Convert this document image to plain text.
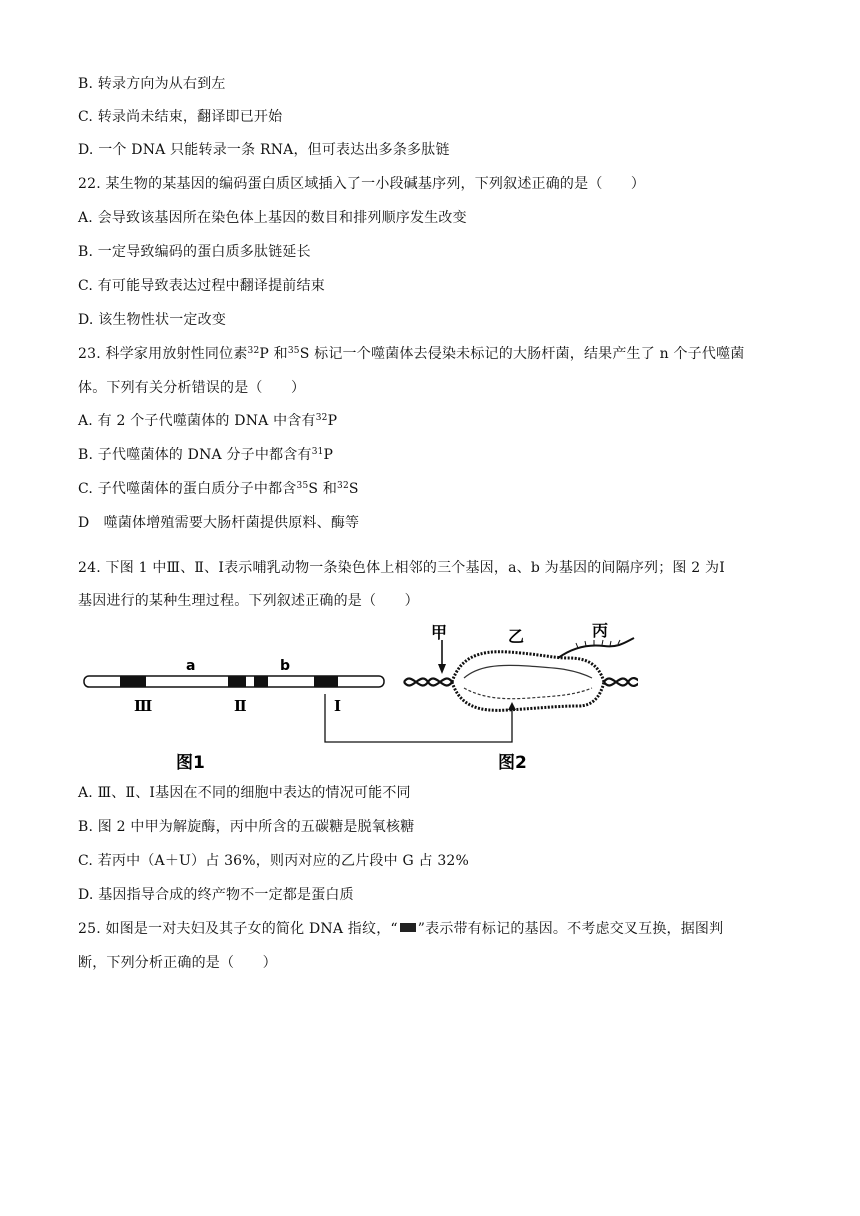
B. 转录方向为从右到左
C. 转录尚未结束，翻译即已开始
D. 一个 DNA 只能转录一条 RNA，但可表达出多条多肽链
22. 某生物的某基因的编码蛋白质区域插入了一小段碱基序列，下列叙述正确的是（　　）
A. 会导致该基因所在染色体上基因的数目和排列顺序发生改变
B. 一定导致编码的蛋白质多肽链延长
C. 有可能导致表达过程中翻译提前结束
D. 该生物性状一定改变
23. 科学家用放射性同位素$^{32}$P 和$^{35}$S 标记一个噬菌体去侵染未标记的大肠杆菌，结果产生了 n 个子代噬菌
体。下列有关分析错误的是（　　）
A. 有 2 个子代噬菌体的 DNA 中含有$^{32}$P
B. 子代噬菌体的 DNA 分子中都含有$^{31}$P
C. 子代噬菌体的蛋白质分子中都含$^{35}$S 和$^{32}$S
D　噬菌体增殖需要大肠杆菌提供原料、酶等
24. 下图 1 中Ⅲ、Ⅱ、Ⅰ表示哺乳动物一条染色体上相邻的三个基因，a、b 为基因的间隔序列；图 2 为Ⅰ
基因进行的某种生理过程。下列叙述正确的是（　　）
a	b
Ⅲ	Ⅱ	Ⅰ
图1
甲	乙	丙
图2
A. Ⅲ、Ⅱ、Ⅰ基因在不同的细胞中表达的情况可能不同
B. 图 2 中甲为解旋酶，丙中所含的五碳糖是脱氧核糖
C. 若丙中（A＋U）占 36%，则丙对应的乙片段中 G 占 32%
D. 基因指导合成的终产物不一定都是蛋白质
25. 如图是一对夫妇及其子女的简化 DNA 指纹，“ ”表示带有标记的基因。不考虑交叉互换，据图判
断，下列分析正确的是（　　）
